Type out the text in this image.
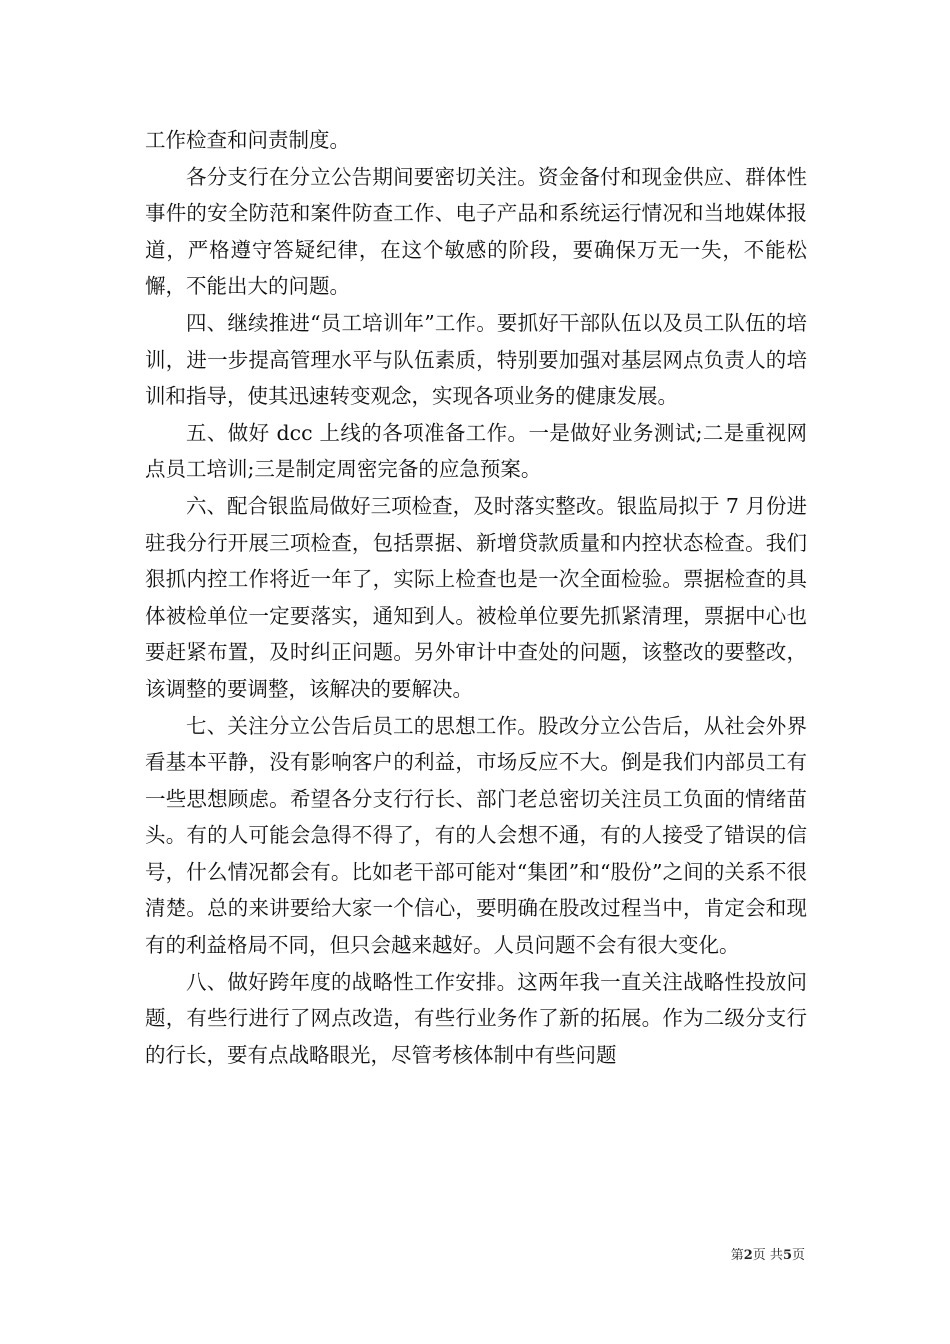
工作检查和问责制度。

各分支行在分立公告期间要密切关注。资金备付和现金供应、群体性事件的安全防范和案件防查工作、电子产品和系统运行情况和当地媒体报道，严格遵守答疑纪律，在这个敏感的阶段，要确保万无一失，不能松懈，不能出大的问题。

四、继续推进“员工培训年”工作。要抓好干部队伍以及员工队伍的培训，进一步提高管理水平与队伍素质，特别要加强对基层网点负责人的培训和指导，使其迅速转变观念，实现各项业务的健康发展。

五、做好 dcc 上线的各项准备工作。一是做好业务测试;二是重视网点员工培训;三是制定周密完备的应急预案。

六、配合银监局做好三项检查，及时落实整改。银监局拟于 7 月份进驻我分行开展三项检查，包括票据、新增贷款质量和内控状态检查。我们狠抓内控工作将近一年了，实际上检查也是一次全面检验。票据检查的具体被检单位一定要落实，通知到人。被检单位要先抓紧清理，票据中心也要赶紧布置，及时纠正问题。另外审计中查处的问题，该整改的要整改，该调整的要调整，该解决的要解决。

七、关注分立公告后员工的思想工作。股改分立公告后，从社会外界看基本平静，没有影响客户的利益，市场反应不大。倒是我们内部员工有一些思想顾虑。希望各分支行行长、部门老总密切关注员工负面的情绪苗头。有的人可能会急得不得了，有的人会想不通，有的人接受了错误的信号，什么情况都会有。比如老干部可能对“集团”和“股份”之间的关系不很清楚。总的来讲要给大家一个信心，要明确在股改过程当中，肯定会和现有的利益格局不同，但只会越来越好。人员问题不会有很大变化。

八、做好跨年度的战略性工作安排。这两年我一直关注战略性投放问题，有些行进行了网点改造，有些行业务作了新的拓展。作为二级分支行的行长，要有点战略眼光，尽管考核体制中有些问题

第2页 共5页
